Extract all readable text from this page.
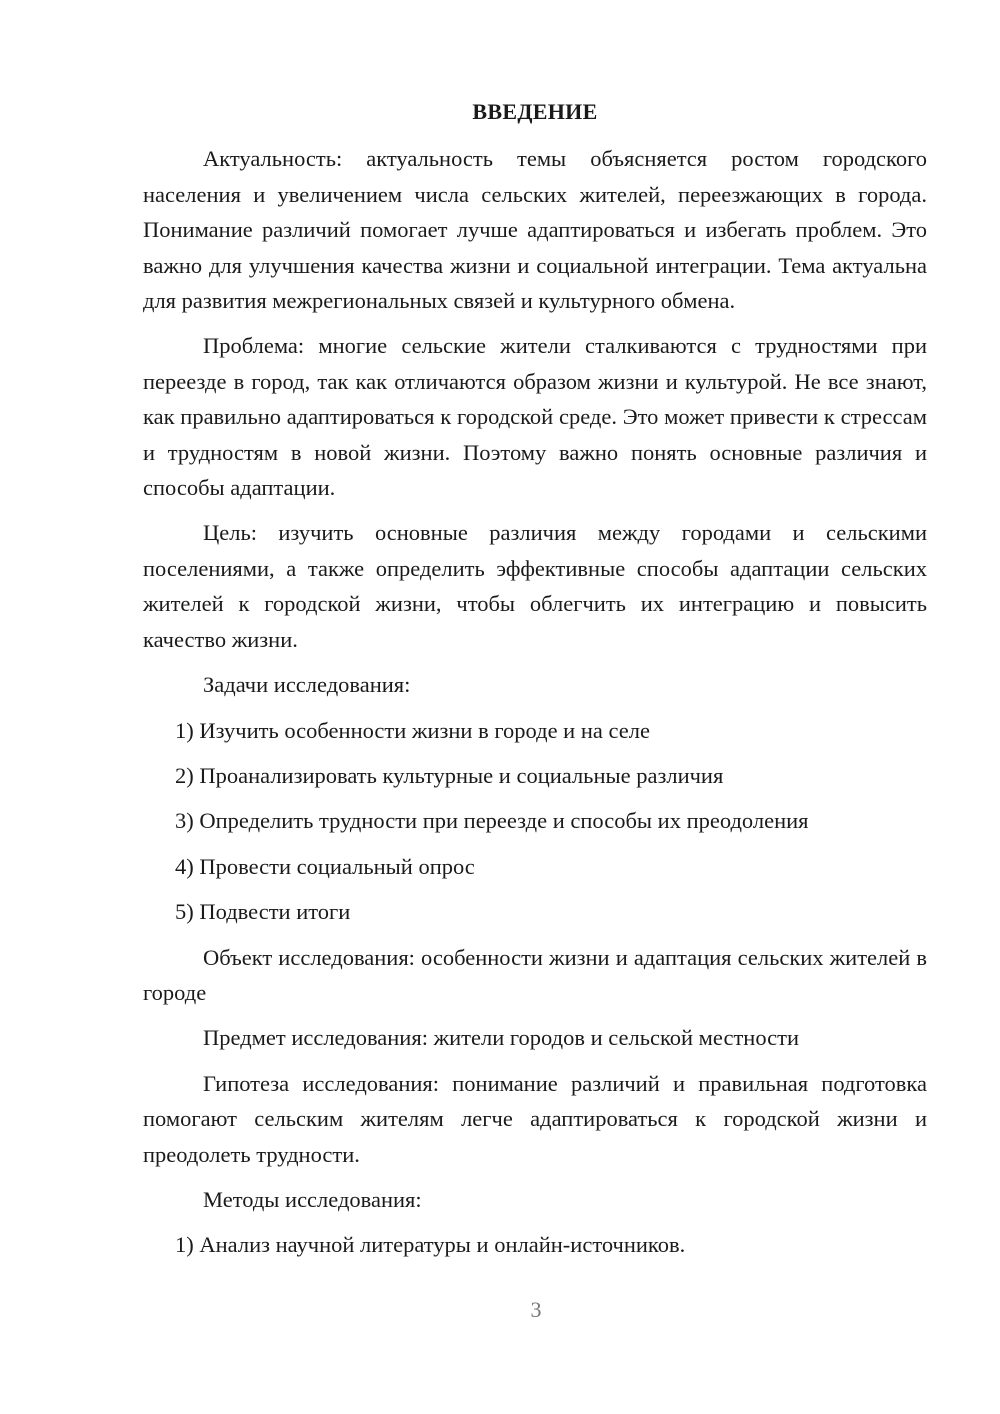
ВВЕДЕНИЕ
Актуальность: актуальность темы объясняется ростом городского населения и увеличением числа сельских жителей, переезжающих в города. Понимание различий помогает лучше адаптироваться и избегать проблем. Это важно для улучшения качества жизни и социальной интеграции. Тема актуальна для развития межрегиональных связей и культурного обмена.
Проблема: многие сельские жители сталкиваются с трудностями при переезде в город, так как отличаются образом жизни и культурой. Не все знают, как правильно адаптироваться к городской среде. Это может привести к стрессам и трудностям в новой жизни. Поэтому важно понять основные различия и способы адаптации.
Цель: изучить основные различия между городами и сельскими поселениями, а также определить эффективные способы адаптации сельских жителей к городской жизни, чтобы облегчить их интеграцию и повысить качество жизни.
Задачи исследования:
1) Изучить особенности жизни в городе и на селе
2) Проанализировать культурные и социальные различия
3) Определить трудности при переезде и способы их преодоления
4) Провести социальный опрос
5) Подвести итоги
Объект исследования: особенности жизни и адаптация сельских жителей в городе
Предмет исследования: жители городов и сельской местности
Гипотеза исследования: понимание различий и правильная подготовка помогают сельским жителям легче адаптироваться к городской жизни и преодолеть трудности.
Методы исследования:
1) Анализ научной литературы и онлайн-источников.
3
